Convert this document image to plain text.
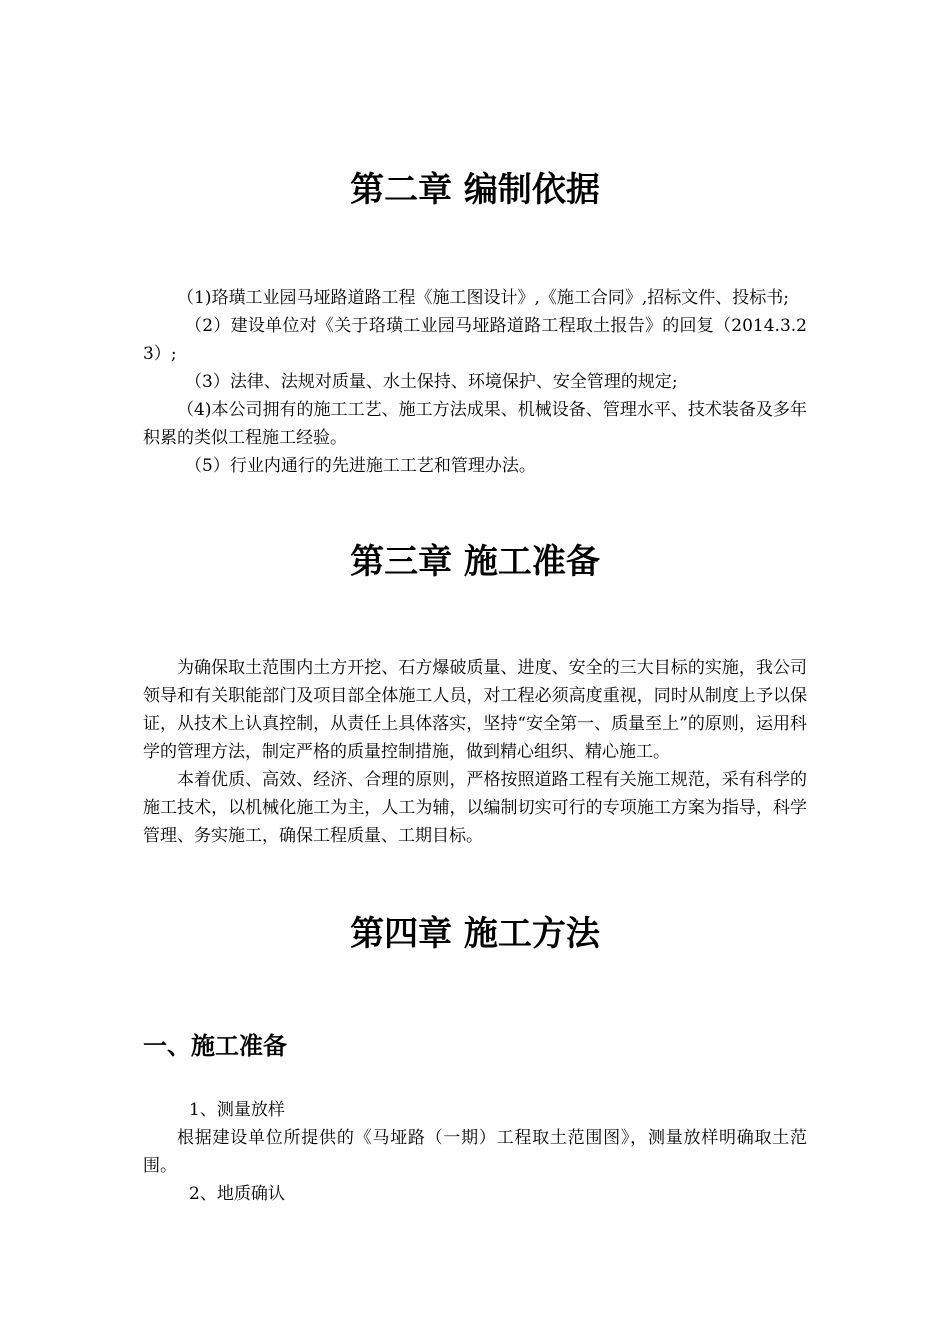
第二章 编制依据

（1)珞璜工业园马垭路道路工程《施工图设计》,《施工合同》,招标文件、投标书;

（2）建设单位对《关于珞璜工业园马垭路道路工程取土报告》的回复（2014.3.23）;

（3）法律、法规对质量、水土保持、环境保护、安全管理的规定;

（4)本公司拥有的施工工艺、施工方法成果、机械设备、管理水平、技术装备及多年积累的类似工程施工经验。

（5）行业内通行的先进施工工艺和管理办法。

第三章 施工准备

为确保取土范围内土方开挖、石方爆破质量、进度、安全的三大目标的实施，我公司领导和有关职能部门及项目部全体施工人员，对工程必须高度重视，同时从制度上予以保证，从技术上认真控制，从责任上具体落实，坚持“安全第一、质量至上”的原则，运用科学的管理方法，制定严格的质量控制措施，做到精心组织、精心施工。

本着优质、高效、经济、合理的原则，严格按照道路工程有关施工规范，采有科学的施工技术，以机械化施工为主，人工为辅，以编制切实可行的专项施工方案为指导，科学管理、务实施工，确保工程质量、工期目标。

第四章 施工方法
一、施工准备

1、测量放样

根据建设单位所提供的《马垭路（一期）工程取土范围图》，测量放样明确取土范围。

2、地质确认
